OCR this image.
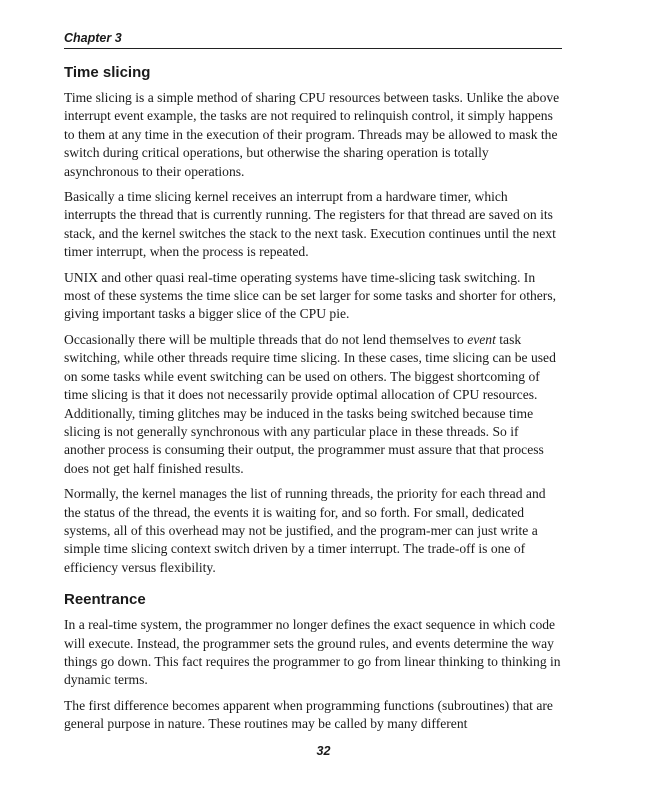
Chapter 3
Time slicing

Time slicing is a simple method of sharing CPU resources between tasks. Unlike the above interrupt event example, the tasks are not required to relinquish control, it simply happens to them at any time in the execution of their program. Threads may be allowed to mask the switch during critical operations, but otherwise the sharing operation is totally asynchronous to their operations.

Basically a time slicing kernel receives an interrupt from a hardware timer, which interrupts the thread that is currently running. The registers for that thread are saved on its stack, and the kernel switches the stack to the next task. Execution continues until the next timer interrupt, when the process is repeated.

UNIX and other quasi real-time operating systems have time-slicing task switching. In most of these systems the time slice can be set larger for some tasks and shorter for others, giving important tasks a bigger slice of the CPU pie.

Occasionally there will be multiple threads that do not lend themselves to event task switching, while other threads require time slicing. In these cases, time slicing can be used on some tasks while event switching can be used on others. The biggest shortcoming of time slicing is that it does not necessarily provide optimal allocation of CPU resources. Additionally, timing glitches may be induced in the tasks being switched because time slicing is not generally synchronous with any particular place in these threads. So if another process is consuming their output, the programmer must assure that that process does not get half finished results.

Normally, the kernel manages the list of running threads, the priority for each thread and the status of the thread, the events it is waiting for, and so forth. For small, dedicated systems, all of this overhead may not be justified, and the program-mer can just write a simple time slicing context switch driven by a timer interrupt. The trade-off is one of efficiency versus flexibility.

Reentrance

In a real-time system, the programmer no longer defines the exact sequence in which code will execute. Instead, the programmer sets the ground rules, and events determine the way things go down. This fact requires the programmer to go from linear thinking to thinking in dynamic terms.

The first difference becomes apparent when programming functions (subroutines) that are general purpose in nature. These routines may be called by many different

32
